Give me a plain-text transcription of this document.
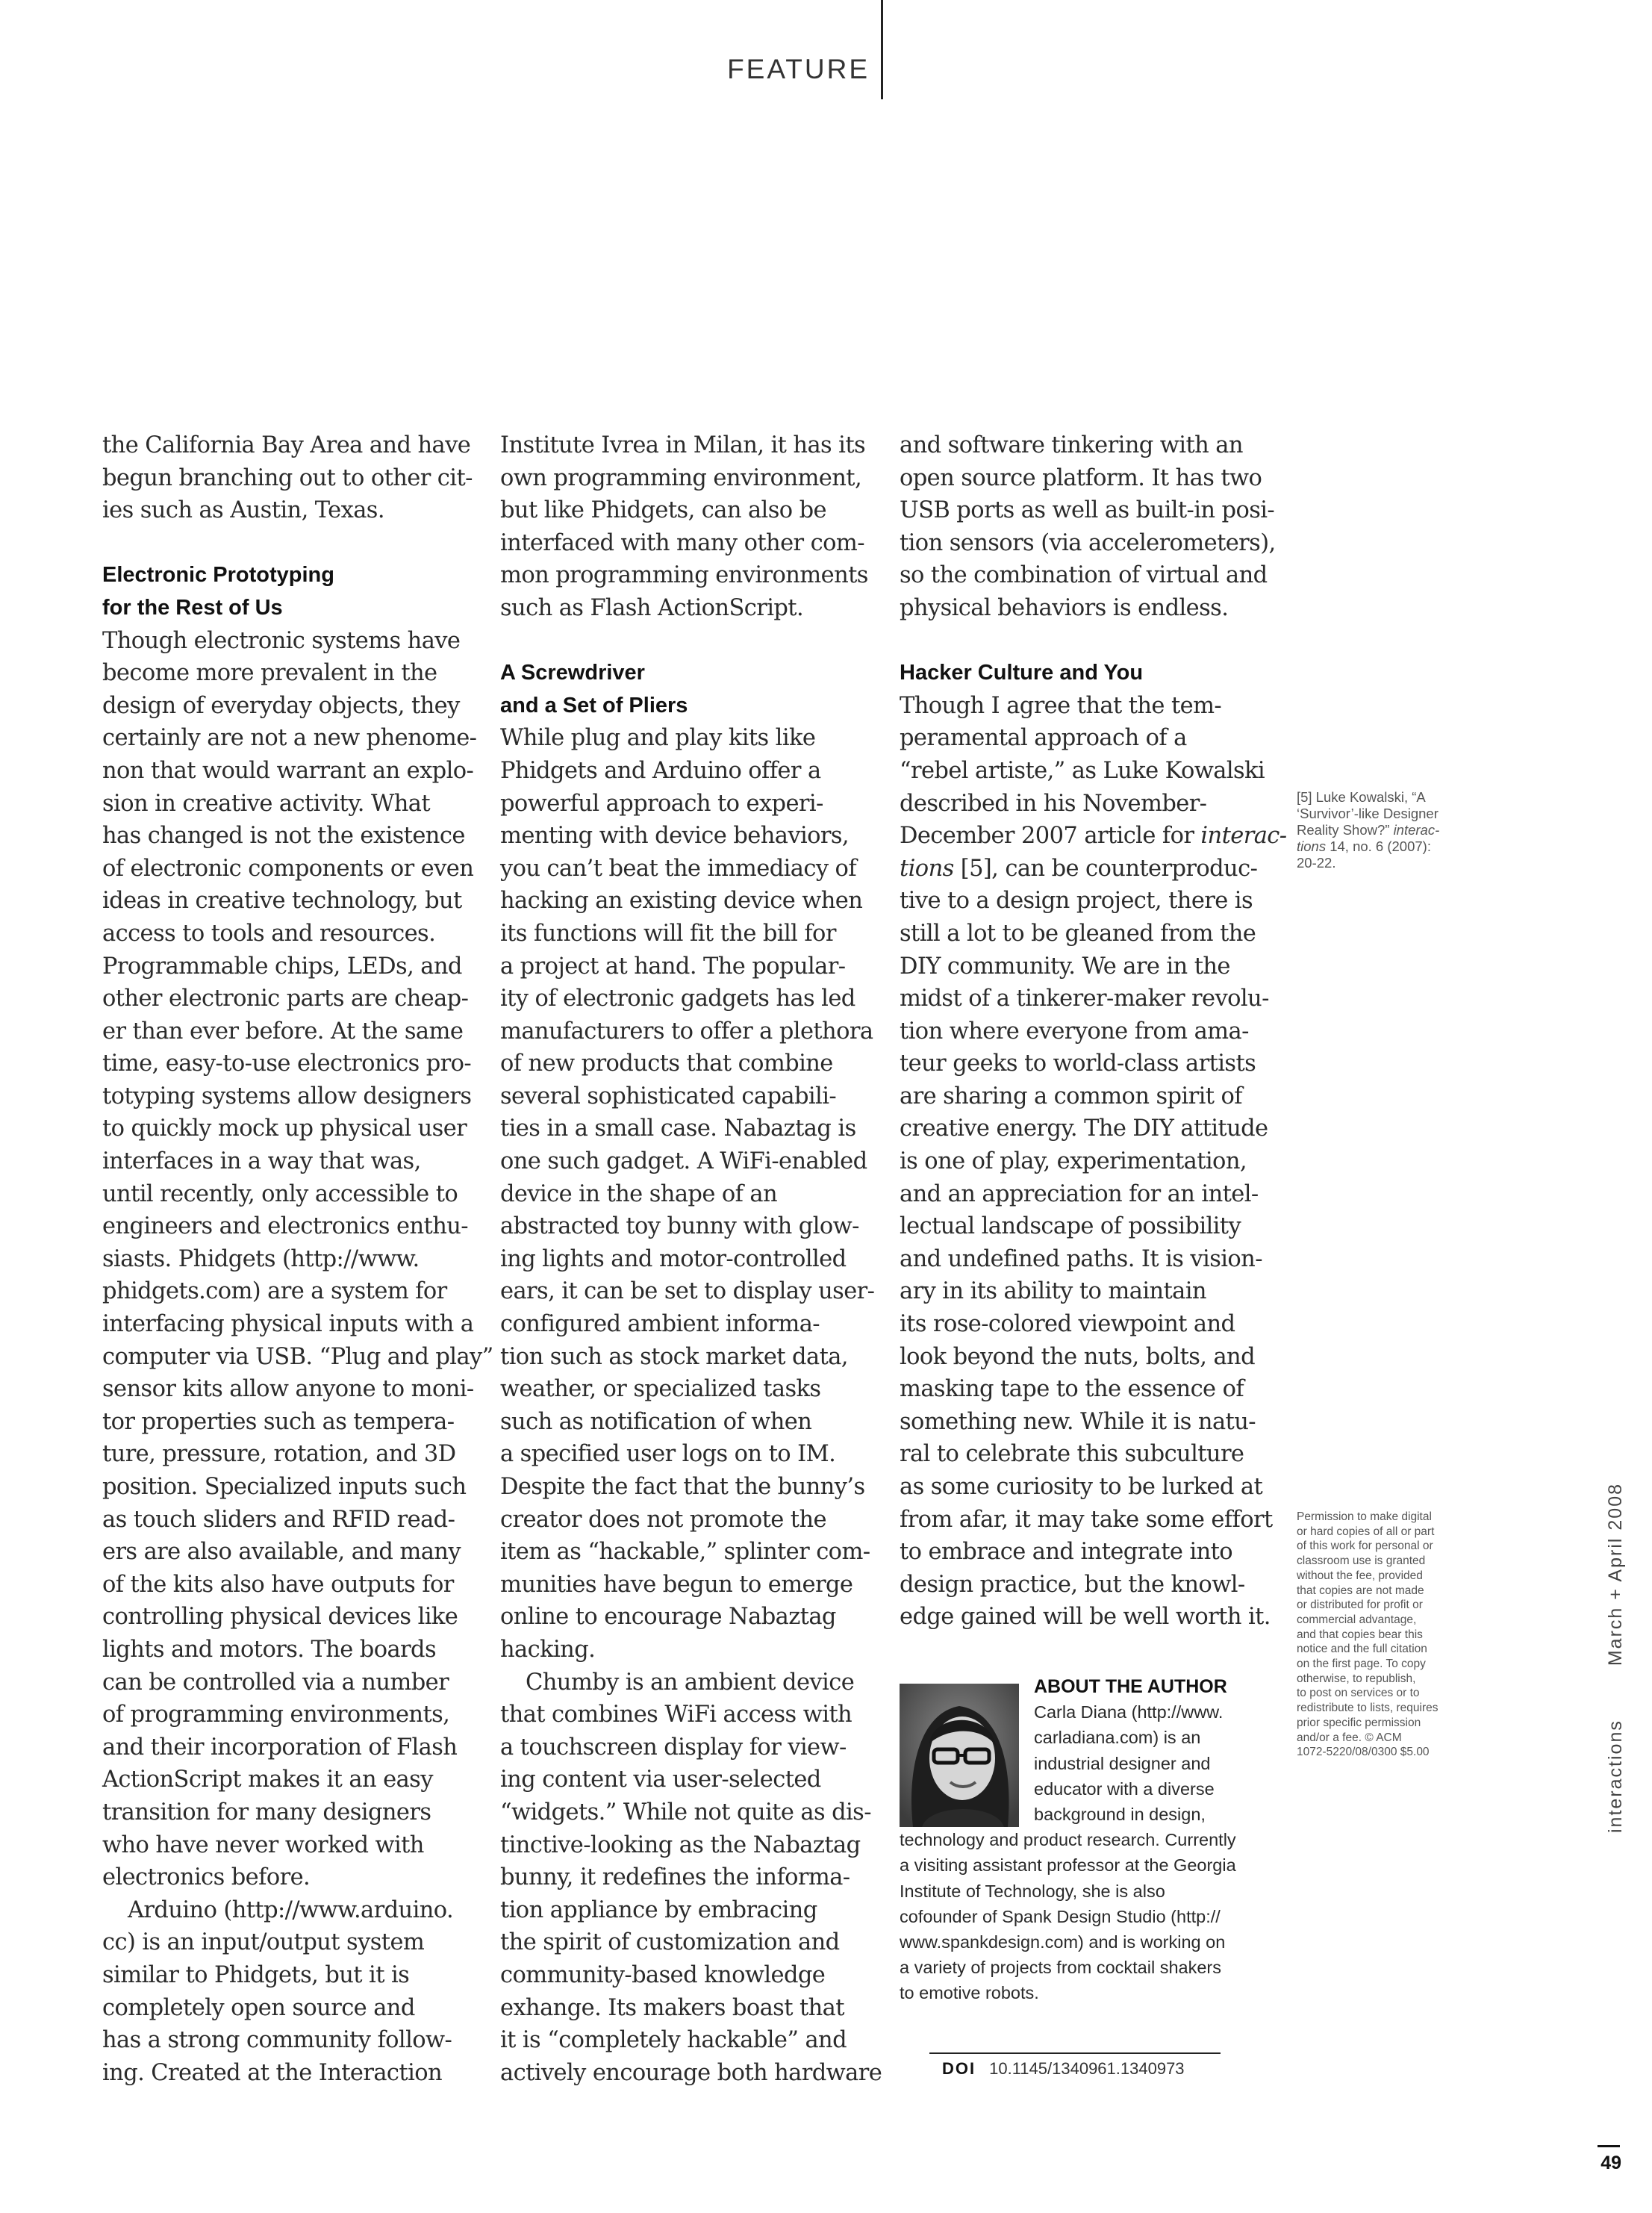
FEATURE
the California Bay Area and have
begun branching out to other cit-
ies such as Austin, Texas.
Electronic Prototyping
for the Rest of Us
Though electronic systems have
become more prevalent in the
design of everyday objects, they
certainly are not a new phenome-
non that would warrant an explo-
sion in creative activity. What
has changed is not the existence
of electronic components or even
ideas in creative technology, but
access to tools and resources.
Programmable chips, LEDs, and
other electronic parts are cheap-
er than ever before. At the same
time, easy-to-use electronics pro-
totyping systems allow designers
to quickly mock up physical user
interfaces in a way that was,
until recently, only accessible to
engineers and electronics enthu-
siasts. Phidgets (http://www.
phidgets.com) are a system for
interfacing physical inputs with a
computer via USB. “Plug and play”
sensor kits allow anyone to moni-
tor properties such as tempera-
ture, pressure, rotation, and 3D
position. Specialized inputs such
as touch sliders and RFID read-
ers are also available, and many
of the kits also have outputs for
controlling physical devices like
lights and motors. The boards
can be controlled via a number
of programming environments,
and their incorporation of Flash
ActionScript makes it an easy
transition for many designers
who have never worked with
electronics before.
Arduino (http://www.arduino.
cc) is an input/output system
similar to Phidgets, but it is
completely open source and
has a strong community follow-
ing. Created at the Interaction
Institute Ivrea in Milan, it has its
own programming environment,
but like Phidgets, can also be
interfaced with many other com-
mon programming environments
such as Flash ActionScript.
A Screwdriver
and a Set of Pliers
While plug and play kits like
Phidgets and Arduino offer a
powerful approach to experi-
menting with device behaviors,
you can’t beat the immediacy of
hacking an existing device when
its functions will fit the bill for
a project at hand. The popular-
ity of electronic gadgets has led
manufacturers to offer a plethora
of new products that combine
several sophisticated capabili-
ties in a small case. Nabaztag is
one such gadget. A WiFi-enabled
device in the shape of an
abstracted toy bunny with glow-
ing lights and motor-controlled
ears, it can be set to display user-
configured ambient informa-
tion such as stock market data,
weather, or specialized tasks
such as notification of when
a specified user logs on to IM.
Despite the fact that the bunny’s
creator does not promote the
item as “hackable,” splinter com-
munities have begun to emerge
online to encourage Nabaztag
hacking.
Chumby is an ambient device
that combines WiFi access with
a touchscreen display for view-
ing content via user-selected
“widgets.” While not quite as dis-
tinctive-looking as the Nabaztag
bunny, it redefines the informa-
tion appliance by embracing
the spirit of customization and
community-based knowledge
exhange. Its makers boast that
it is “completely hackable” and
actively encourage both hardware
and software tinkering with an
open source platform. It has two
USB ports as well as built-in posi-
tion sensors (via accelerometers),
so the combination of virtual and
physical behaviors is endless.
Hacker Culture and You
Though I agree that the tem-
peramental approach of a
“rebel artiste,” as Luke Kowalski
described in his November-
December 2007 article for interac-
tions [5], can be counterproduc-
tive to a design project, there is
still a lot to be gleaned from the
DIY community. We are in the
midst of a tinkerer-maker revolu-
tion where everyone from ama-
teur geeks to world-class artists
are sharing a common spirit of
creative energy. The DIY attitude
is one of play, experimentation,
and an appreciation for an intel-
lectual landscape of possibility
and undefined paths. It is vision-
ary in its ability to maintain
its rose-colored viewpoint and
look beyond the nuts, bolts, and
masking tape to the essence of
something new. While it is natu-
ral to celebrate this subculture
as some curiosity to be lurked at
from afar, it may take some effort
to embrace and integrate into
design practice, but the knowl-
edge gained will be well worth it.
[5] Luke Kowalski, “A
‘Survivor’-like Designer
Reality Show?” interac-
tions 14, no. 6 (2007):
20-22.
Permission to make digital
or hard copies of all or part
of this work for personal or
classroom use is granted
without the fee, provided
that copies are not made
or distributed for profit or
commercial advantage,
and that copies bear this
notice and the full citation
on the first page. To copy
otherwise, to republish,
to post on services or to
redistribute to lists, requires
prior specific permission
and/or a fee. © ACM
1072-5220/08/0300 $5.00
ABOUT THE AUTHOR
Carla Diana (http://www.
carladiana.com) is an
industrial designer and
educator with a diverse
background in design,
technology and product research. Currently
a visiting assistant professor at the Georgia
Institute of Technology, she is also
cofounder of Spank Design Studio (http://
www.spankdesign.com) and is working on
a variety of projects from cocktail shakers
to emotive robots.
DOI 10.1145/1340961.1340973
interactionsMarch + April 2008
49
